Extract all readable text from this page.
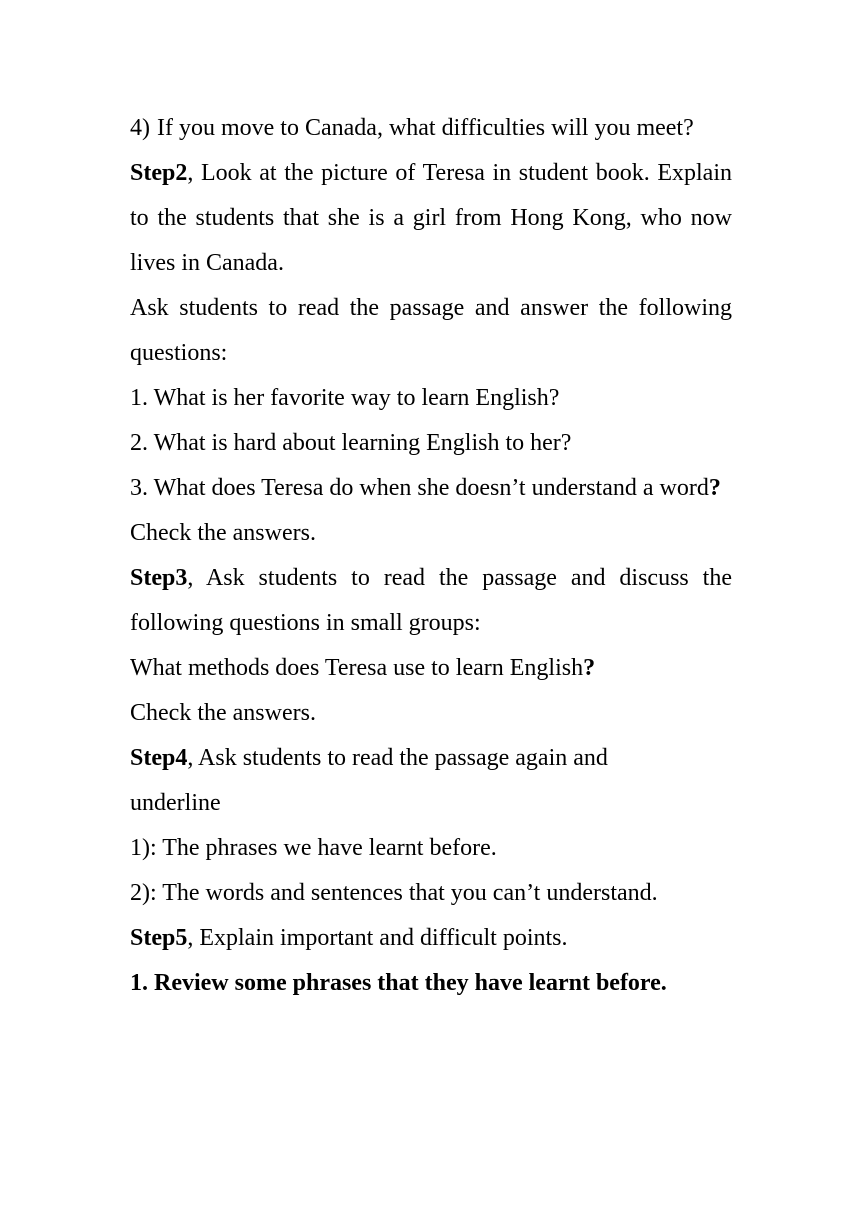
4) If you move to Canada, what difficulties will you meet?

Step2, Look at the picture of Teresa in student book. Explain to the students that she is a girl from Hong Kong, who now lives in Canada.

Ask students to read the passage and answer the following questions:

1. What is her favorite way to learn English?

2. What is hard about learning English to her?

3. What does Teresa do when she doesn’t understand a word?

Check the answers.

Step3, Ask students to read the passage and discuss the following questions in small groups:

What methods does Teresa use to learn English?

Check the answers.

Step4, Ask students to read the passage again and
underline

1): The phrases we have learnt before.

2): The words and sentences that you can’t understand.

Step5, Explain important and difficult points.

1. Review some phrases that they have learnt before.
